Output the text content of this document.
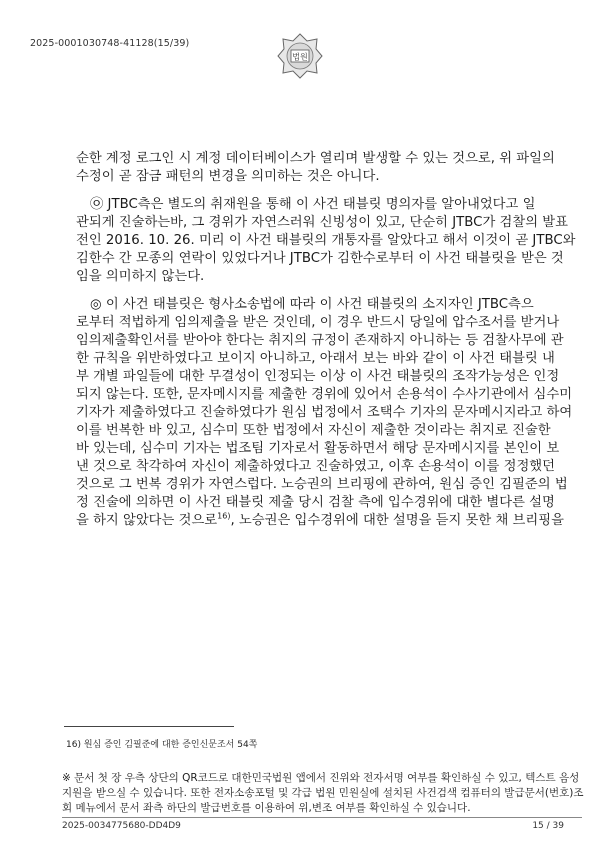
2025-0001030748-41128(15/39)
법원

순한 계정 로그인 시 계정 데이터베이스가 열리며 발생할 수 있는 것으로, 위 파일의

수정이 곧 잠금 패턴의 변경을 의미하는 것은 아니다.

㉧ JTBC측은 별도의 취재원을 통해 이 사건 태블릿 명의자를 알아내었다고 일

관되게 진술하는바, 그 경위가 자연스러워 신빙성이 있고, 단순히 JTBC가 검찰의 발표

전인 2016. 10. 26. 미리 이 사건 태블릿의 개통자를 알았다고 해서 이것이 곧 JTBC와

김한수 간 모종의 연락이 있었다거나 JTBC가 김한수로부터 이 사건 태블릿을 받은 것

임을 의미하지 않는다.

◎ 이 사건 태블릿은 형사소송법에 따라 이 사건 태블릿의 소지자인 JTBC측으

로부터 적법하게 임의제출을 받은 것인데, 이 경우 반드시 당일에 압수조서를 받거나

임의제출확인서를 받아야 한다는 취지의 규정이 존재하지 아니하는 등 검찰사무에 관

한 규칙을 위반하였다고 보이지 아니하고, 아래서 보는 바와 같이 이 사건 태블릿 내

부 개별 파일들에 대한 무결성이 인정되는 이상 이 사건 태블릿의 조작가능성은 인정

되지 않는다. 또한, 문자메시지를 제출한 경위에 있어서 손용석이 수사기관에서 심수미

기자가 제출하였다고 진술하였다가 원심 법정에서 조택수 기자의 문자메시지라고 하여

이를 번복한 바 있고, 심수미 또한 법정에서 자신이 제출한 것이라는 취지로 진술한

바 있는데, 심수미 기자는 법조팀 기자로서 활동하면서 해당 문자메시지를 본인이 보

낸 것으로 착각하여 자신이 제출하였다고 진술하였고, 이후 손용석이 이를 정정했던

것으로 그 번복 경위가 자연스럽다. 노승권의 브리핑에 관하여, 원심 증인 김필준의 법

정 진술에 의하면 이 사건 태블릿 제출 당시 검찰 측에 입수경위에 대한 별다른 설명

을 하지 않았다는 것으로$^{16)}$, 노승권은 입수경위에 대한 설명을 듣지 못한 채 브리핑을

16) 원심 증인 김필준에 대한 증인신문조서 54쪽
※ 문서 첫 장 우측 상단의 QR코드로 대한민국법원 앱에서 진위와 전자서명 여부를 확인하실 수 있고, 텍스트 음성
지원을 받으실 수 있습니다. 또한 전자소송포털 및 각급 법원 민원실에 설치된 사건검색 컴퓨터의 발급문서(번호)조
회 메뉴에서 문서 좌측 하단의 발급번호를 이용하여 위,변조 여부를 확인하실 수 있습니다.
2025-0034775680-DD4D9	15 / 39
